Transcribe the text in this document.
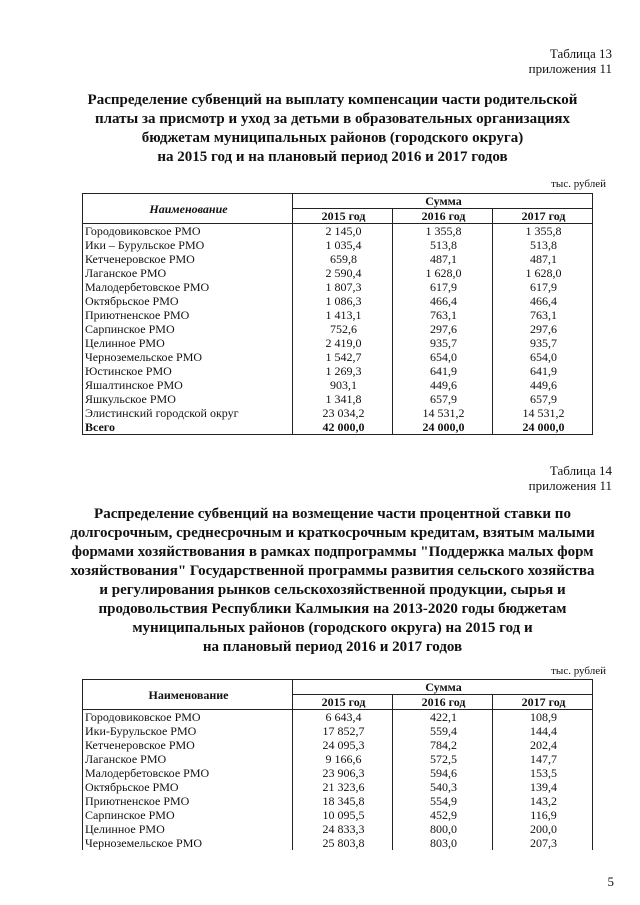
Таблица 13
приложения 11
Распределение субвенций на выплату компенсации части родительской
платы за присмотр и уход за детьми в образовательных организациях
бюджетам муниципальных районов (городского округа)
на 2015 год и на плановый период 2016 и 2017 годов
тыс. рублей
Наименование	Сумма		
	2015 год	2016 год	2017 год
Городовиковское РМО	2 145,0	1 355,8	1 355,8
Ики – Бурульское РМО	1 035,4	513,8	513,8
Кетченеровское РМО	659,8	487,1	487,1
Лаганское РМО	2 590,4	1 628,0	1 628,0
Малодербетовское РМО	1 807,3	617,9	617,9
Октябрьское РМО	1 086,3	466,4	466,4
Приютненское РМО	1 413,1	763,1	763,1
Сарпинское РМО	752,6	297,6	297,6
Целинное РМО	2 419,0	935,7	935,7
Черноземельское РМО	1 542,7	654,0	654,0
Юстинское РМО	1 269,3	641,9	641,9
Яшалтинское РМО	903,1	449,6	449,6
Яшкульское РМО	1 341,8	657,9	657,9
Элистинский городской округ	23 034,2	14 531,2	14 531,2
Всего	42 000,0	24 000,0	24 000,0
Таблица 14
приложения 11
Распределение субвенций на возмещение части процентной ставки по
долгосрочным, среднесрочным и краткосрочным кредитам, взятым малыми
формами хозяйствования в рамках подпрограммы "Поддержка малых форм
хозяйствования" Государственной программы развития сельского хозяйства
и регулирования рынков сельскохозяйственной продукции, сырья и
продовольствия Республики Калмыкия на 2013-2020 годы бюджетам
муниципальных районов (городского округа) на 2015 год и
на плановый период 2016 и 2017 годов
тыс. рублей
Наименование	Сумма		
	2015 год	2016 год	2017 год
Городовиковское РМО	6 643,4	422,1	108,9
Ики-Бурульское РМО	17 852,7	559,4	144,4
Кетченеровское РМО	24 095,3	784,2	202,4
Лаганское РМО	9 166,6	572,5	147,7
Малодербетовское РМО	23 906,3	594,6	153,5
Октябрьское РМО	21 323,6	540,3	139,4
Приютненское РМО	18 345,8	554,9	143,2
Сарпинское РМО	10 095,5	452,9	116,9
Целинное РМО	24 833,3	800,0	200,0
Черноземельское РМО	25 803,8	803,0	207,3
5
